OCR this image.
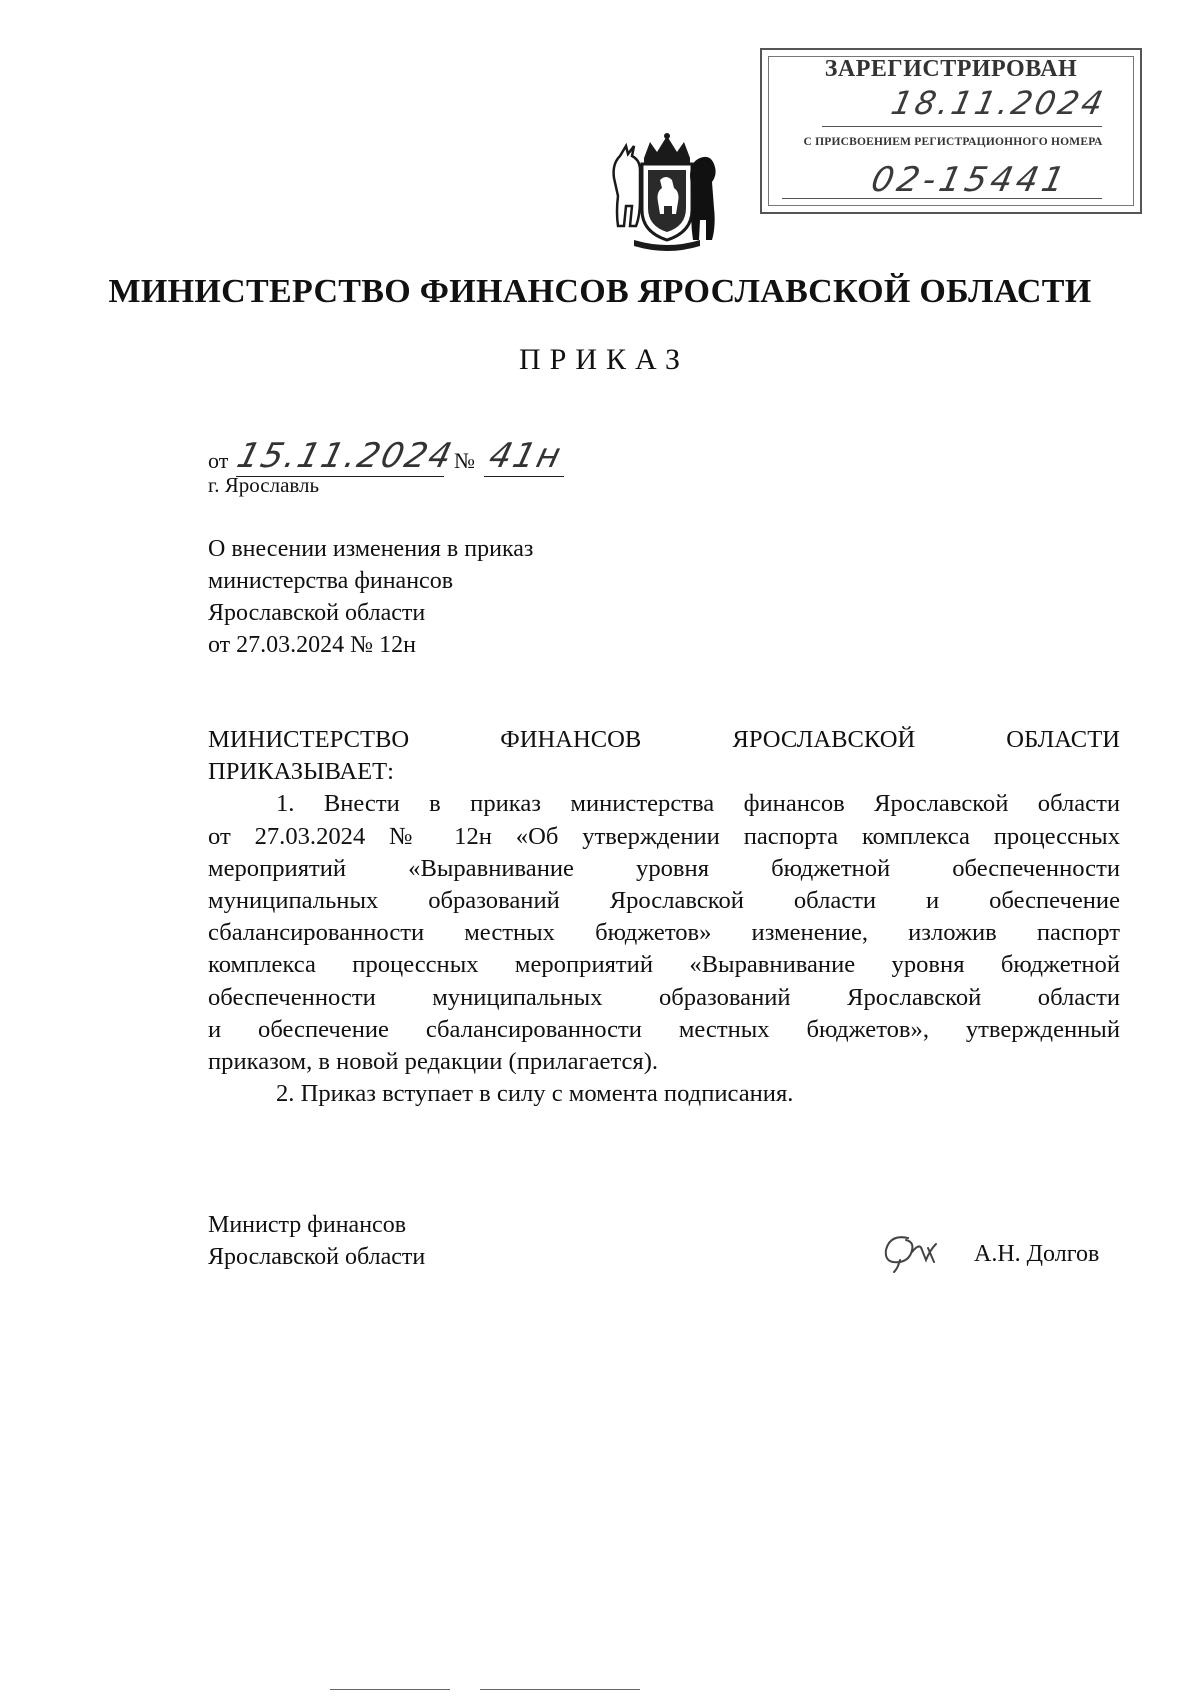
ЗАРЕГИСТРИРОВАН
18.11.2024
С ПРИСВОЕНИЕМ РЕГИСТРАЦИОННОГО НОМЕРА
02-15441
МИНИСТЕРСТВО ФИНАНСОВ ЯРОСЛАВСКОЙ ОБЛАСТИ
ПРИКАЗ
от 15.11.2024
№ 41н
г. Ярославль
О внесении изменения в приказ
министерства финансов
Ярославской области
от 27.03.2024 № 12н
МИНИСТЕРСТВО ФИНАНСОВ ЯРОСЛАВСКОЙ ОБЛАСТИ
ПРИКАЗЫВАЕТ:
1. Внести в приказ министерства финансов Ярославской области
от 27.03.2024 № 12н «Об утверждении паспорта комплекса процессных
мероприятий «Выравнивание уровня бюджетной обеспеченности
муниципальных образований Ярославской области и обеспечение
сбалансированности местных бюджетов» изменение, изложив паспорт
комплекса процессных мероприятий «Выравнивание уровня бюджетной
обеспеченности муниципальных образований Ярославской области
и обеспечение сбалансированности местных бюджетов», утвержденный
приказом, в новой редакции (прилагается).
2. Приказ вступает в силу с момента подписания.
Министр финансов
Ярославской области	А.Н. Долгов
